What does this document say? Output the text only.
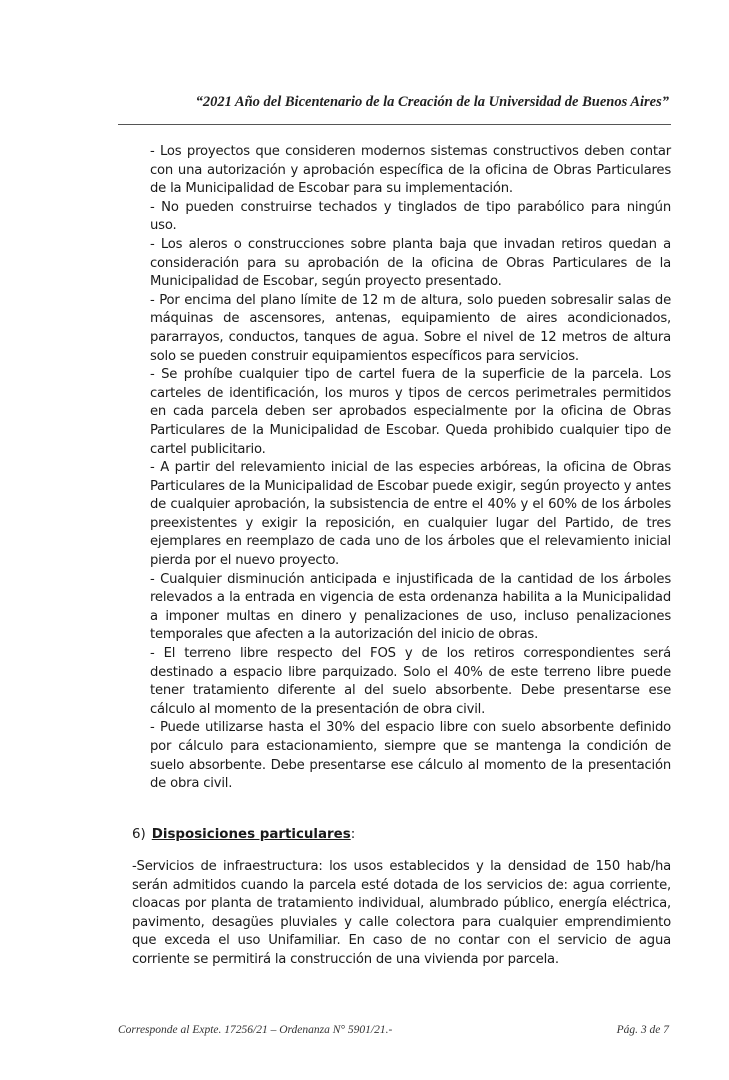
“2021 Año del Bicentenario de la Creación de la Universidad de Buenos Aires”

- Los proyectos que consideren modernos sistemas constructivos deben contar con una autorización y aprobación específica de la oficina de Obras Particulares de la Municipalidad de Escobar para su implementación.

- No pueden construirse techados y tinglados de tipo parabólico para ningún uso.

- Los aleros o construcciones sobre planta baja que invadan retiros quedan a consideración para su aprobación de la oficina de Obras Particulares de la Municipalidad de Escobar, según proyecto presentado.

- Por encima del plano límite de 12 m de altura, solo pueden sobresalir salas de máquinas de ascensores, antenas, equipamiento de aires acondicionados, pararrayos, conductos, tanques de agua. Sobre el nivel de 12 metros de altura solo se pueden construir equipamientos específicos para servicios.

- Se prohíbe cualquier tipo de cartel fuera de la superficie de la parcela. Los carteles de identificación, los muros y tipos de cercos perimetrales permitidos en cada parcela deben ser aprobados especialmente por la oficina de Obras Particulares de la Municipalidad de Escobar. Queda prohibido cualquier tipo de cartel publicitario.

- A partir del relevamiento inicial de las especies arbóreas, la oficina de Obras Particulares de la Municipalidad de Escobar puede exigir, según proyecto y antes de cualquier aprobación, la subsistencia de entre el 40% y el 60% de los árboles preexistentes y exigir la reposición, en cualquier lugar del Partido, de tres ejemplares en reemplazo de cada uno de los árboles que el relevamiento inicial pierda por el nuevo proyecto.

- Cualquier disminución anticipada e injustificada de la cantidad de los árboles relevados a la entrada en vigencia de esta ordenanza habilita a la Municipalidad a imponer multas en dinero y penalizaciones de uso, incluso penalizaciones temporales que afecten a la autorización del inicio de obras.

- El terreno libre respecto del FOS y de los retiros correspondientes será destinado a espacio libre parquizado. Solo el 40% de este terreno libre puede tener tratamiento diferente al del suelo absorbente. Debe presentarse ese cálculo al momento de la presentación de obra civil.

- Puede utilizarse hasta el 30% del espacio libre con suelo absorbente definido por cálculo para estacionamiento, siempre que se mantenga la condición de suelo absorbente. Debe presentarse ese cálculo al momento de la presentación de obra civil.

6) Disposiciones particulares:

-Servicios de infraestructura: los usos establecidos y la densidad de 150 hab/ha serán admitidos cuando la parcela esté dotada de los servicios de: agua corriente, cloacas por planta de tratamiento individual, alumbrado público, energía eléctrica, pavimento, desagües pluviales y calle colectora para cualquier emprendimiento que exceda el uso Unifamiliar. En caso de no contar con el servicio de agua corriente se permitirá la construcción de una vivienda por parcela.

Corresponde al Expte. 17256/21 – Ordenanza N° 5901/21.-	Pág. 3 de 7
